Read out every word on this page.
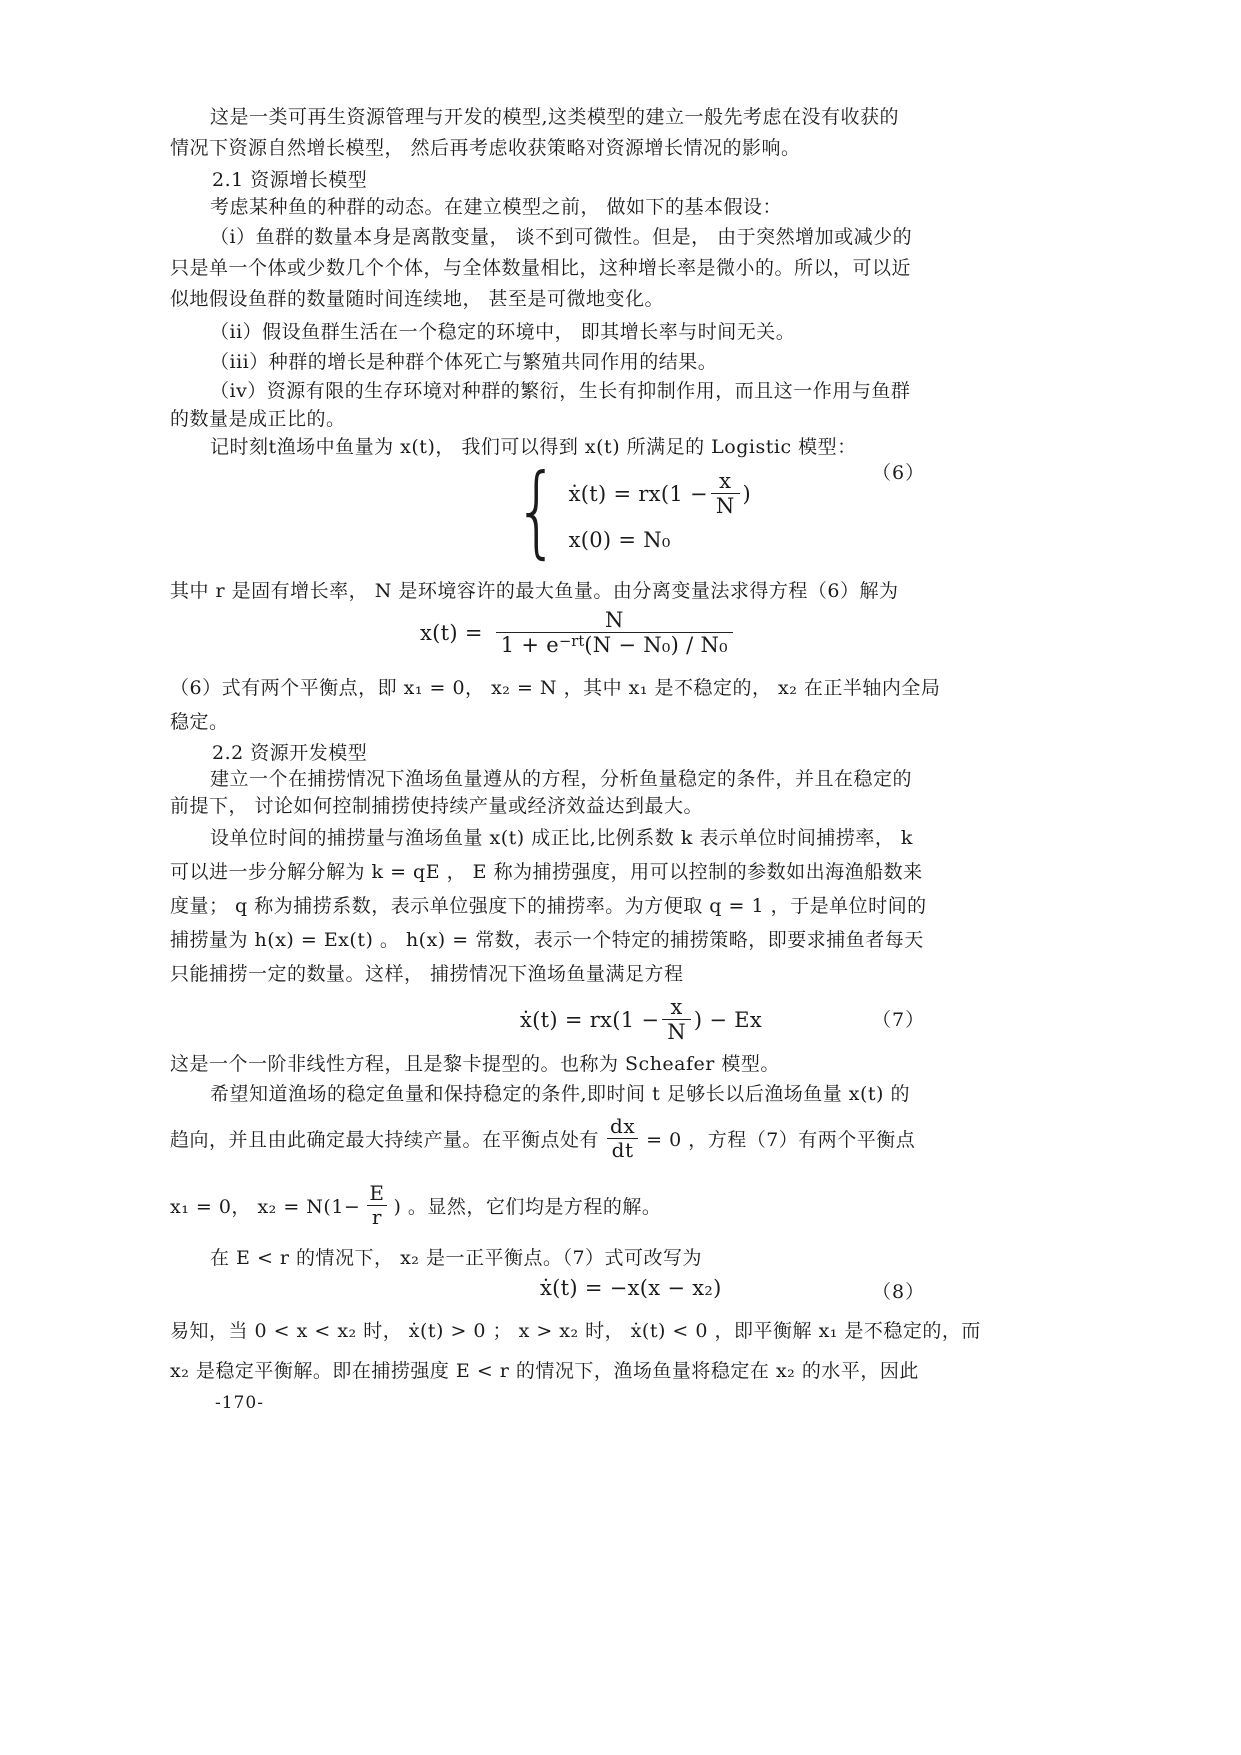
这是一类可再生资源管理与开发的模型,这类模型的建立一般先考虑在没有收获的
情况下资源自然增长模型， 然后再考虑收获策略对资源增长情况的影响。
2.1 资源增长模型
考虑某种鱼的种群的动态。在建立模型之前， 做如下的基本假设：
（i）鱼群的数量本身是离散变量， 谈不到可微性。但是， 由于突然增加或减少的
只是单一个体或少数几个个体，与全体数量相比，这种增长率是微小的。所以，可以近
似地假设鱼群的数量随时间连续地， 甚至是可微地变化。
（ii）假设鱼群生活在一个稳定的环境中， 即其增长率与时间无关。
（iii）种群的增长是种群个体死亡与繁殖共同作用的结果。
（iv）资源有限的生存环境对种群的繁衍，生长有抑制作用，而且这一作用与鱼群
的数量是成正比的。
记时刻t渔场中鱼量为 x(t)， 我们可以得到 x(t) 所满足的 Logistic 模型：
{ ẋ(t) = $rx(1 - \frac{x}{N}$ )
x(0) = N₀
（6）
其中 r 是固有增长率， N 是环境容许的最大鱼量。由分离变量法求得方程（6）解为
$x(t) = \frac{N}{1 + e^{-rt}(N - N_0) / N_0}$
（6）式有两个平衡点，即 x₁ = 0， x₂ = N ，其中 x₁ 是不稳定的， x₂ 在正半轴内全局
稳定。
2.2 资源开发模型
建立一个在捕捞情况下渔场鱼量遵从的方程，分析鱼量稳定的条件，并且在稳定的
前提下， 讨论如何控制捕捞使持续产量或经济效益达到最大。
设单位时间的捕捞量与渔场鱼量 x(t) 成正比,比例系数 k 表示单位时间捕捞率， k
可以进一步分解分解为 k = qE ， E 称为捕捞强度，用可以控制的参数如出海渔船数来
度量； q 称为捕捞系数，表示单位强度下的捕捞率。为方便取 q = 1 ，于是单位时间的
捕捞量为 h(x) = Ex(t) 。 h(x) = 常数，表示一个特定的捕捞策略，即要求捕鱼者每天
只能捕捞一定的数量。这样， 捕捞情况下渔场鱼量满足方程
ẋ(t) = $rx(1 - \frac{x}{N}$ ) − Ex	（7）
这是一个一阶非线性方程，且是黎卡提型的。也称为 Scheafer 模型。
希望知道渔场的稳定鱼量和保持稳定的条件,即时间 t 足够长以后渔场鱼量 x(t) 的
趋向，并且由此确定最大持续产量。在平衡点处有 $\frac{dx}{dt} = 0$ ，方程（7）有两个平衡点
x₁ = 0， $x_2 = N(1- \frac{E}{r}$ ) 。显然，它们均是方程的解。
在 E < r 的情况下， x₂ 是一正平衡点。（7）式可改写为
ẋ(t) = −x(x − x₂)	（8）
易知，当 0 < x < x₂ 时， ẋ(t) > 0 ； x > x₂ 时， ẋ(t) < 0 ，即平衡解 x₁ 是不稳定的，而
x₂ 是稳定平衡解。即在捕捞强度 E < r 的情况下，渔场鱼量将稳定在 x₂ 的水平，因此
-170-
